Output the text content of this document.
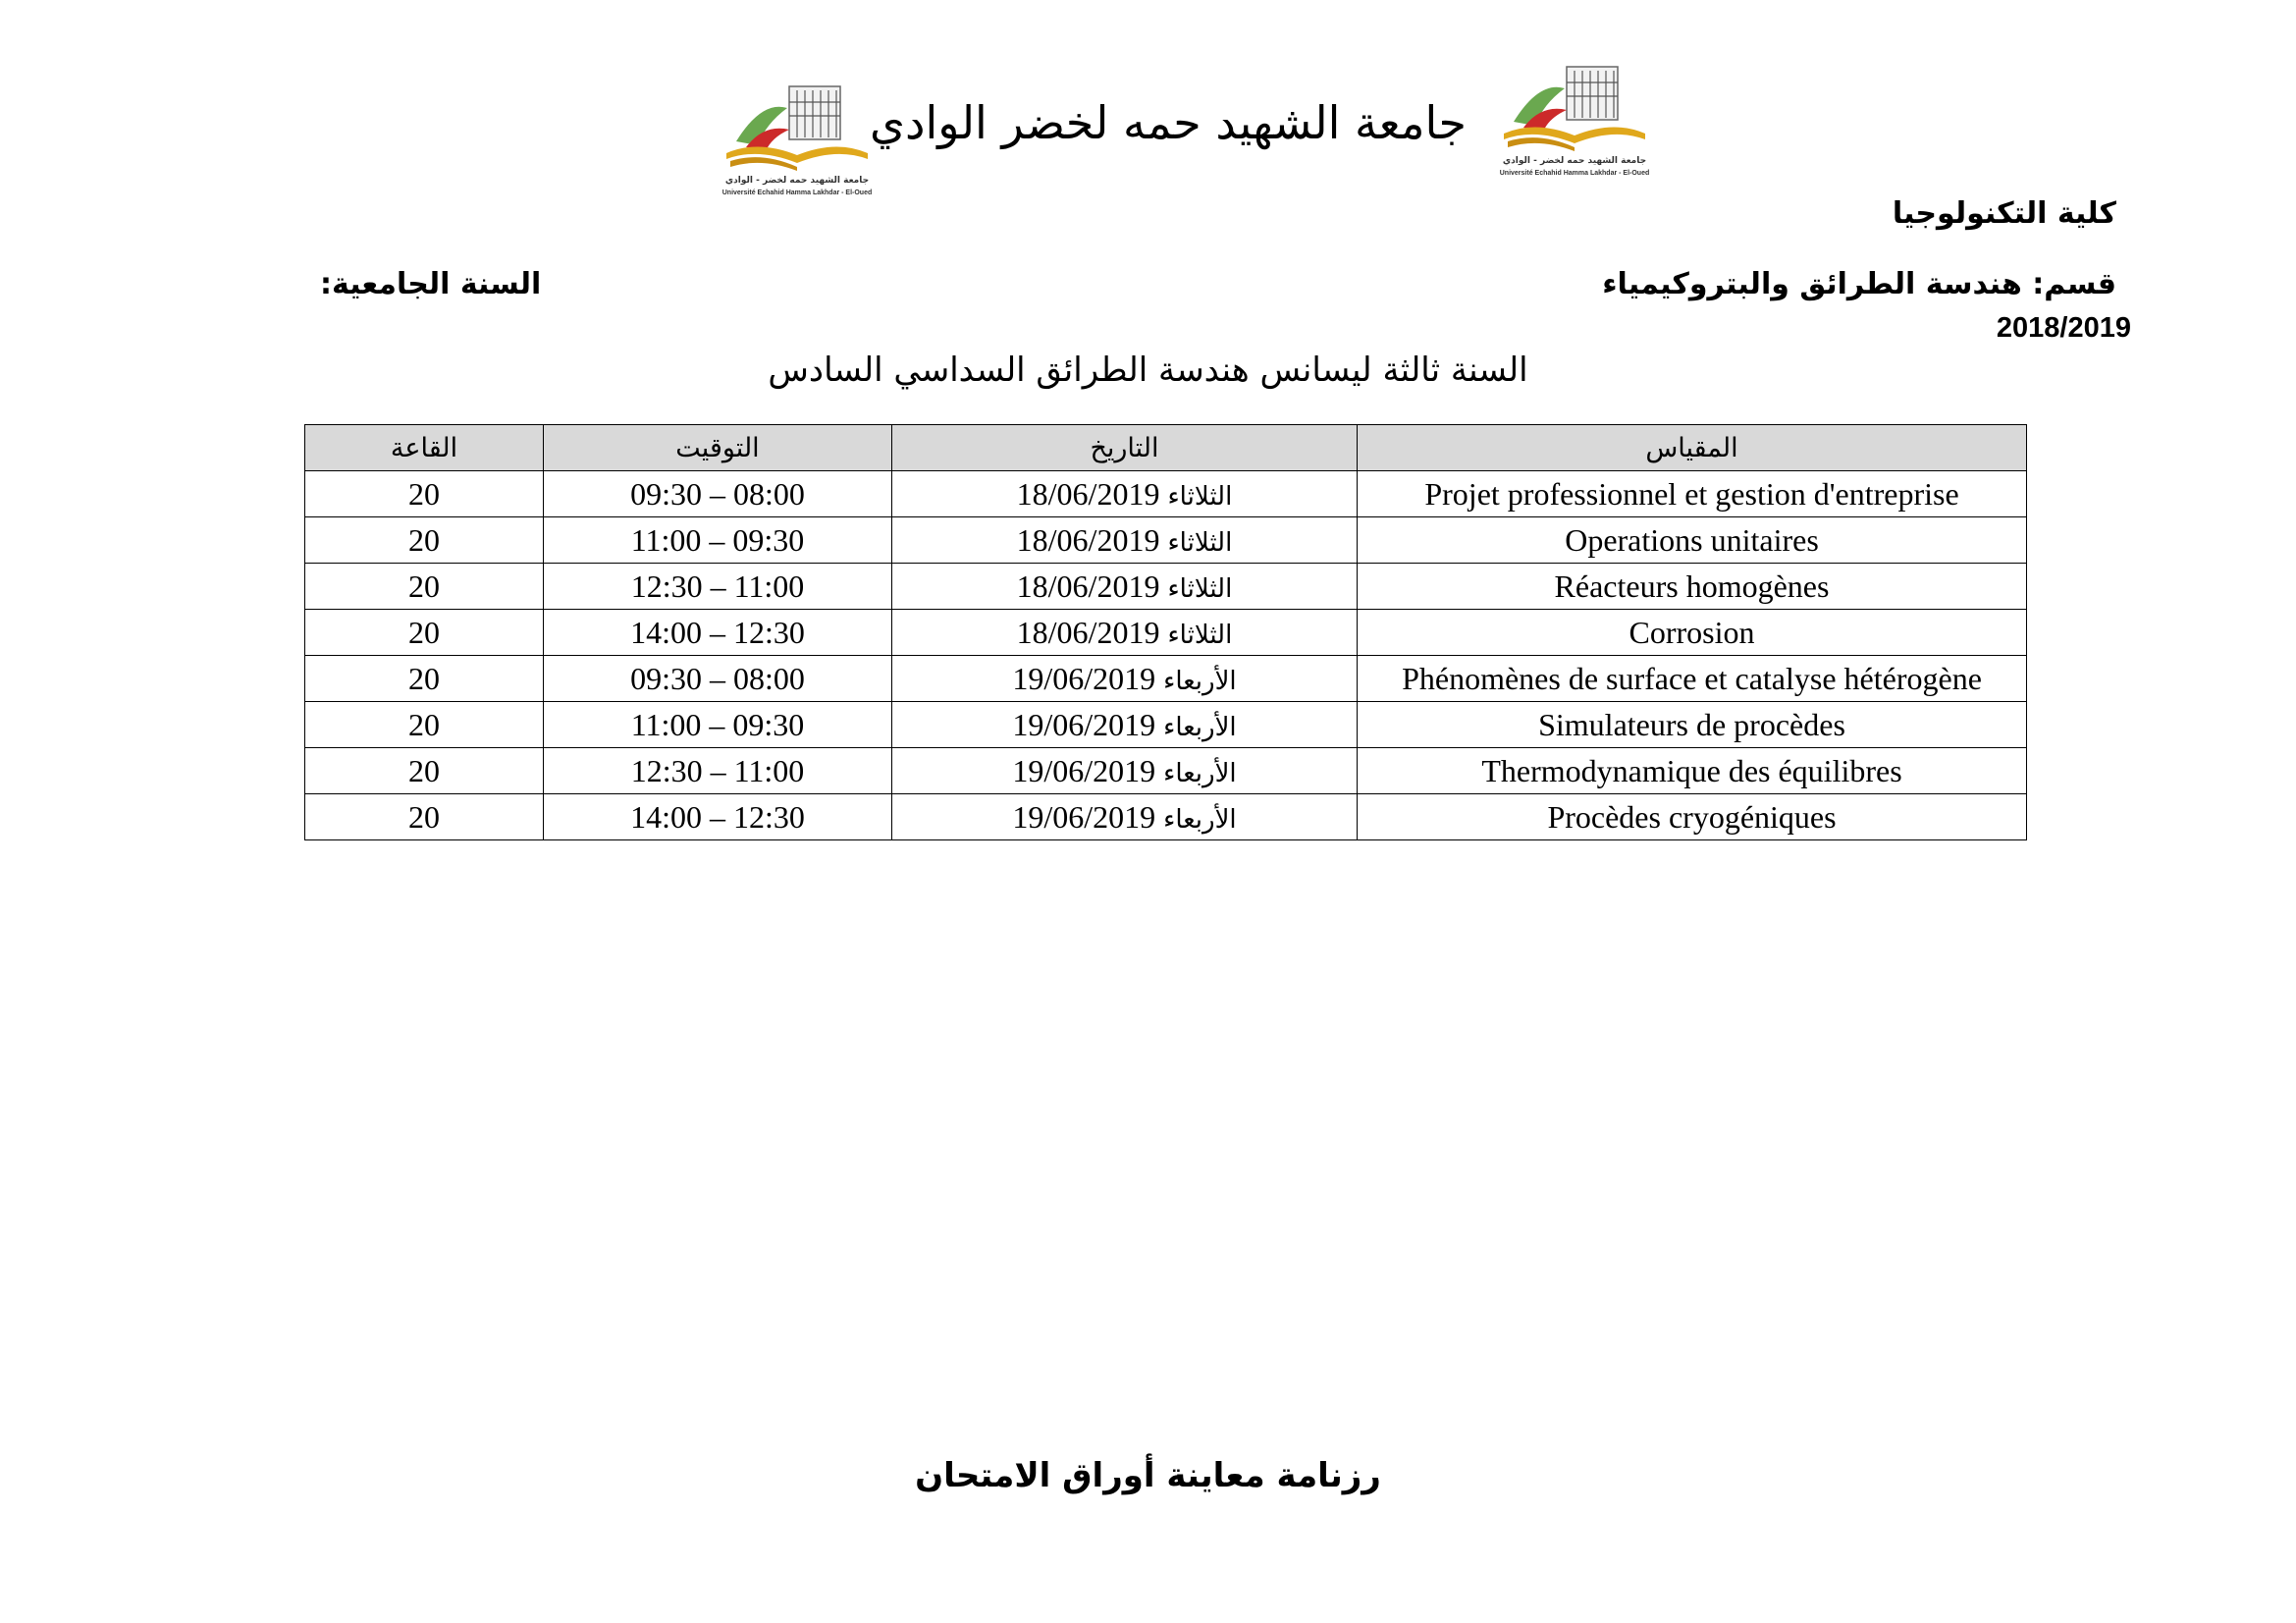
جامعة الشهيد حمه لخضر - الوادي
Université Echahid Hamma Lakhdar - El-Oued
جامعة الشهيد حمه لخضر - الوادي
Université Echahid Hamma Lakhdar - El-Oued
جامعة الشهيد حمه لخضر الوادي
كلية التكنولوجيا
قسم: هندسة الطرائق والبتروكيمياء
السنة الجامعية:
2018/2019
السنة ثالثة ليسانس هندسة الطرائق السداسي السادس
القاعة	التوقيت	التاريخ	المقياس
20	09:30 – 08:00	18/06/2019 الثلاثاء	Projet professionnel et gestion d'entreprise
20	11:00 – 09:30	18/06/2019 الثلاثاء	Operations unitaires
20	12:30 – 11:00	18/06/2019 الثلاثاء	Réacteurs homogènes
20	14:00 – 12:30	18/06/2019 الثلاثاء	Corrosion
20	09:30 – 08:00	19/06/2019 الأربعاء	Phénomènes de surface et catalyse hétérogène
20	11:00 – 09:30	19/06/2019 الأربعاء	Simulateurs de procèdes
20	12:30 – 11:00	19/06/2019 الأربعاء	Thermodynamique des équilibres
20	14:00 – 12:30	19/06/2019 الأربعاء	Procèdes cryogéniques
رزنامة معاينة أوراق الامتحان
